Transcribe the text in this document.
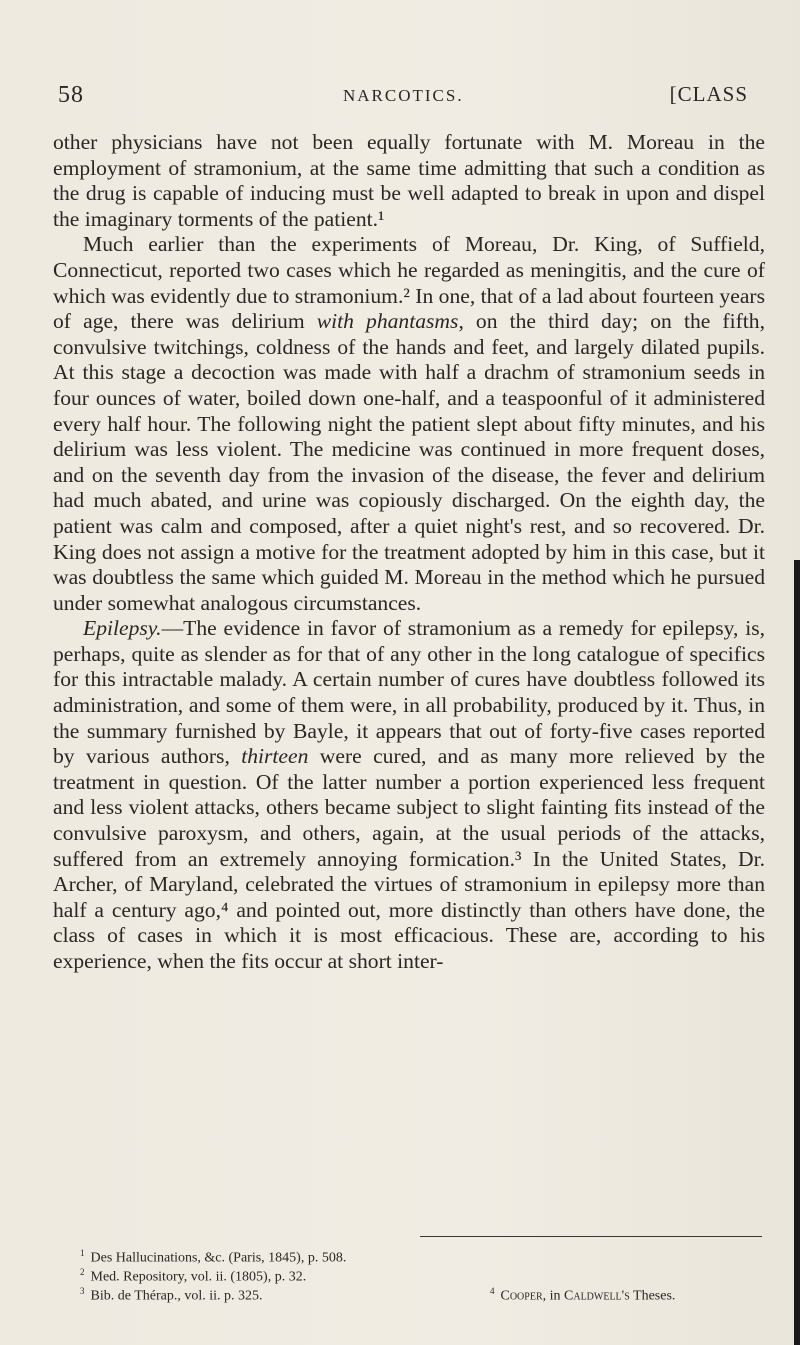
58	NARCOTICS.	[CLASS

other physicians have not been equally fortunate with M. Moreau in the employment of stramonium, at the same time admitting that such a condition as the drug is capable of inducing must be well adapted to break in upon and dispel the imaginary torments of the patient.¹

Much earlier than the experiments of Moreau, Dr. King, of Suffield, Connecticut, reported two cases which he regarded as meningitis, and the cure of which was evidently due to stramonium.² In one, that of a lad about fourteen years of age, there was delirium with phantasms, on the third day; on the fifth, convulsive twitchings, coldness of the hands and feet, and largely dilated pupils. At this stage a decoction was made with half a drachm of stramonium seeds in four ounces of water, boiled down one-half, and a teaspoonful of it administered every half hour. The following night the patient slept about fifty minutes, and his delirium was less violent. The medicine was continued in more frequent doses, and on the seventh day from the invasion of the disease, the fever and delirium had much abated, and urine was copiously discharged. On the eighth day, the patient was calm and composed, after a quiet night's rest, and so recovered. Dr. King does not assign a motive for the treatment adopted by him in this case, but it was doubtless the same which guided M. Moreau in the method which he pursued under somewhat analogous circumstances.

Epilepsy.—The evidence in favor of stramonium as a remedy for epilepsy, is, perhaps, quite as slender as for that of any other in the long catalogue of specifics for this intractable malady. A certain number of cures have doubtless followed its administration, and some of them were, in all probability, produced by it. Thus, in the summary furnished by Bayle, it appears that out of forty-five cases reported by various authors, thirteen were cured, and as many more relieved by the treatment in question. Of the latter number a portion experienced less frequent and less violent attacks, others became subject to slight fainting fits instead of the convulsive paroxysm, and others, again, at the usual periods of the attacks, suffered from an extremely annoying formication.³ In the United States, Dr. Archer, of Maryland, celebrated the virtues of stramonium in epilepsy more than half a century ago,⁴ and pointed out, more distinctly than others have done, the class of cases in which it is most efficacious. These are, according to his experience, when the fits occur at short inter-

$^1$ Des Hallucinations, &c. (Paris, 1845), p. 508.
$^2$ Med. Repository, vol. ii. (1805), p. 32.
$^3$ Bib. de Thérap., vol. ii. p. 325.	$^4$ Cooper, in Caldwell's Theses.
